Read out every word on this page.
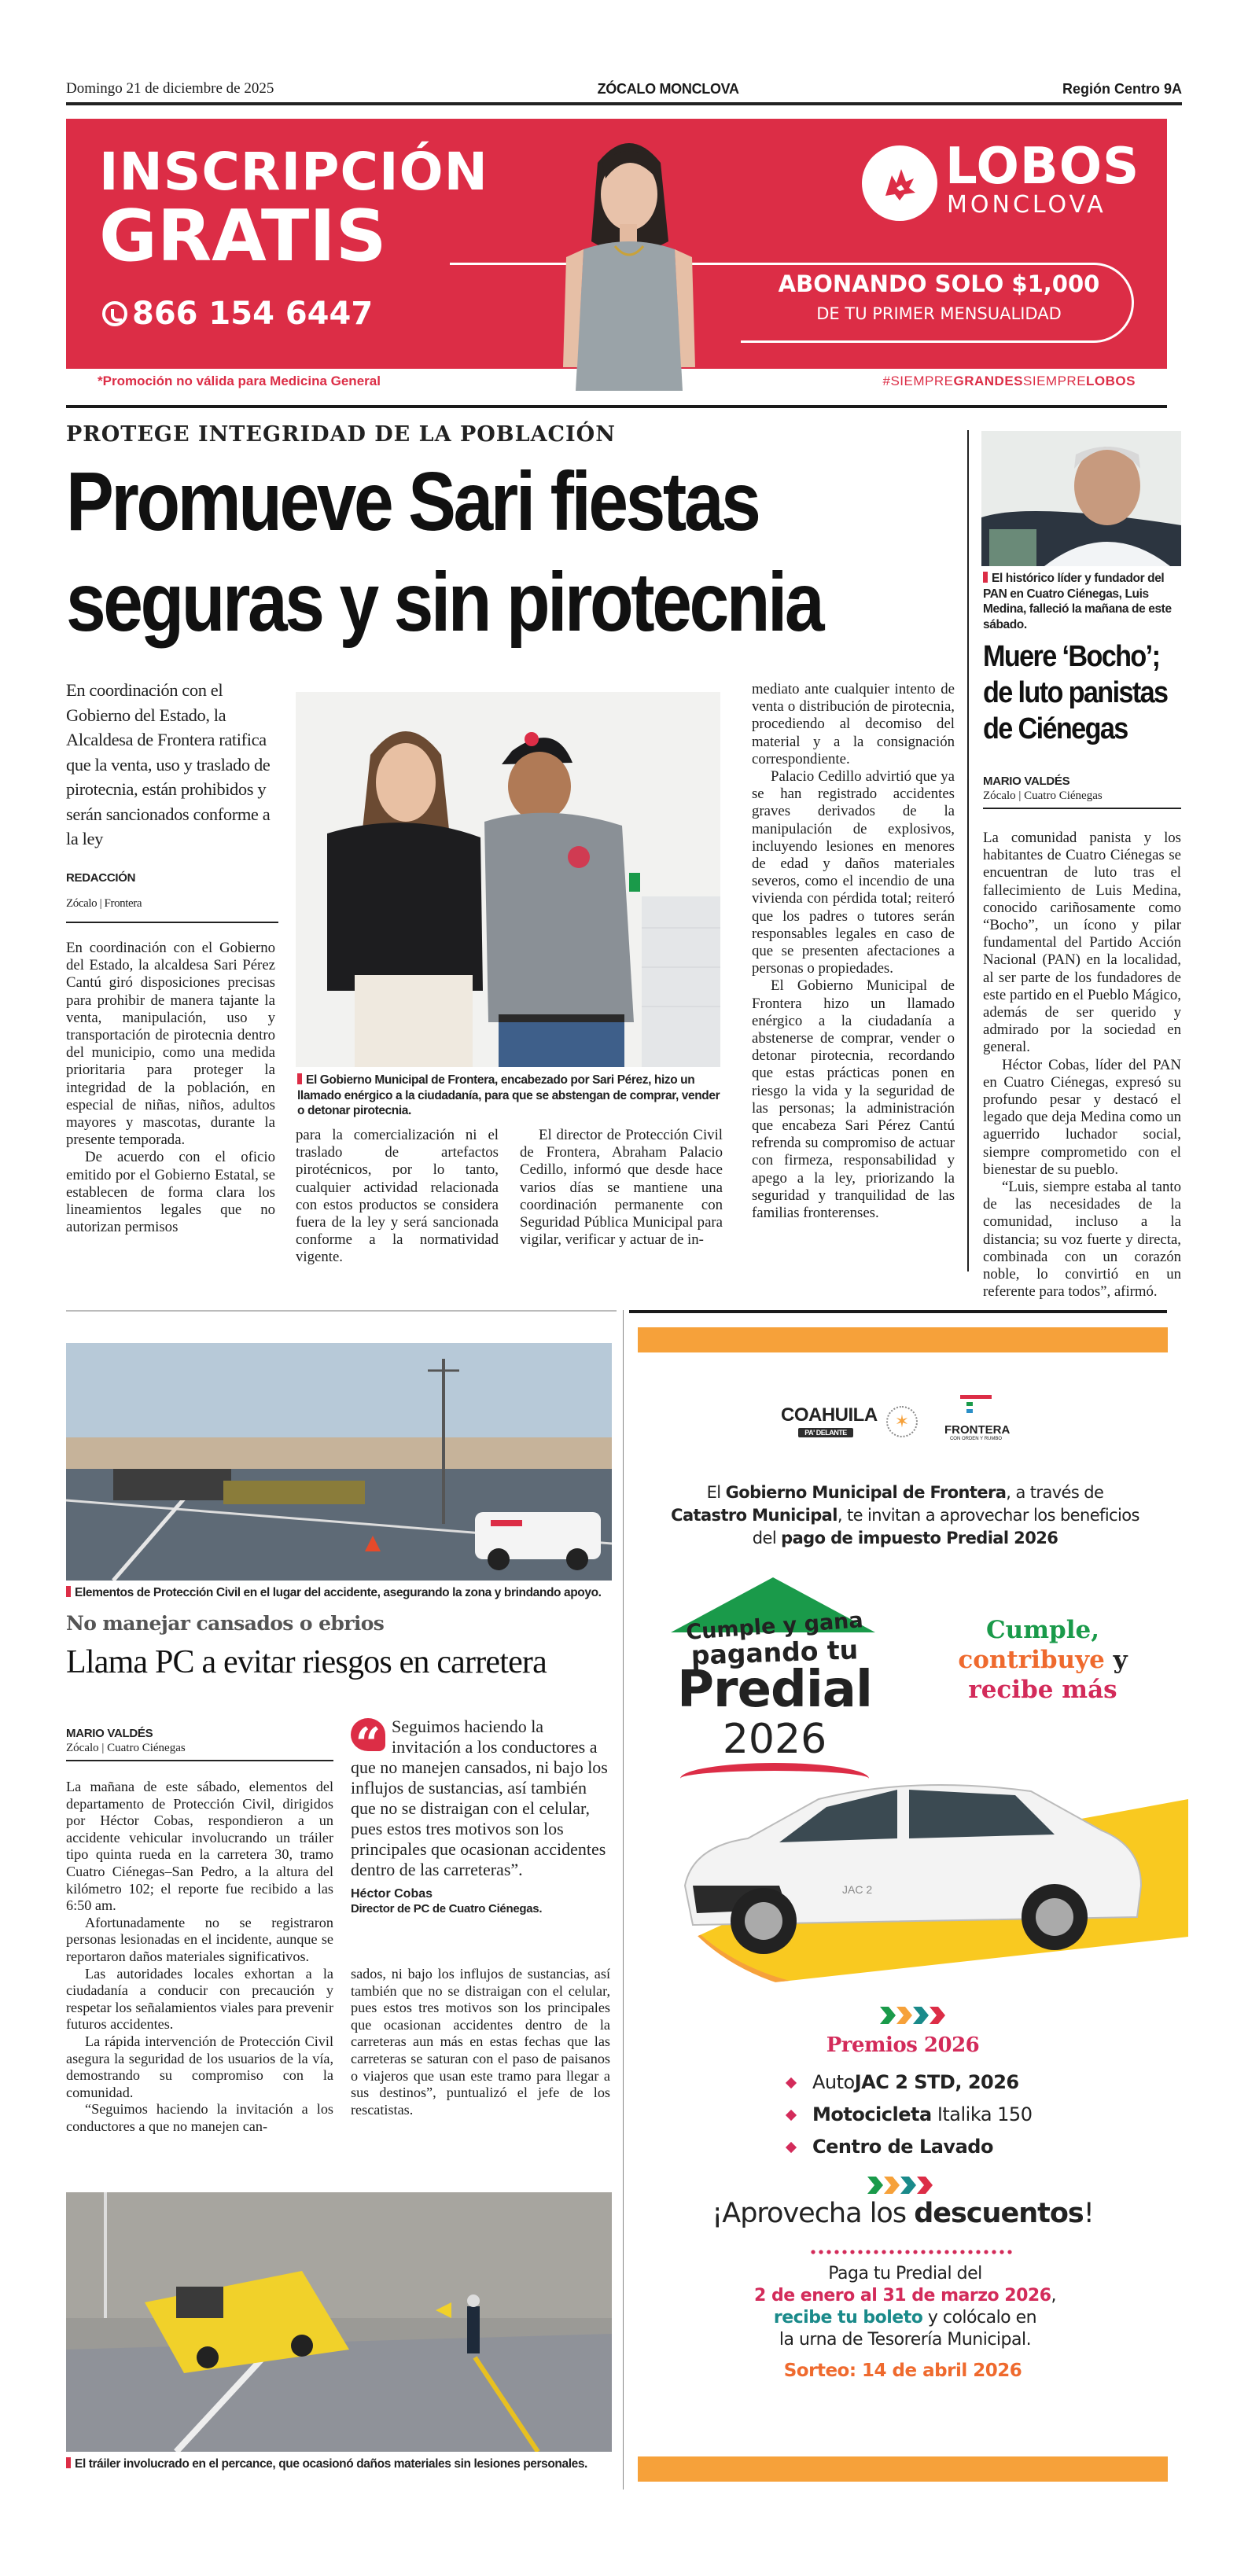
Domingo 21 de diciembre de 2025	ZÓCALO MONCLOVA	Región Centro 9A
INSCRIPCIÓN
GRATIS
866 154 6447
ABONANDO SOLO $1,000
DE TU PRIMER MENSUALIDAD
LOBOS
MONCLOVA
*Promoción no válida para Medicina General	#SIEMPREGRANDESSIEMPRELOBOS
PROTEGE INTEGRIDAD DE LA POBLACIÓN
Promueve Sari fiestas
seguras y sin pirotecnia
En coordinación con el Gobierno del Estado, la Alcaldesa de Frontera ratifica que la venta, uso y traslado de pirotecnia, están prohibidos y serán sancionados conforme a la ley
REDACCIÓN
Zócalo | Frontera

En coordinación con el Gobierno del Estado, la alcaldesa Sari Pérez Cantú giró disposiciones precisas para prohibir de manera tajante la venta, manipulación, uso y transportación de pirotecnia dentro del municipio, como una medida prioritaria para proteger la integridad de la población, en especial de niñas, niños, adultos mayores y mascotas, durante la presente temporada.

De acuerdo con el oficio emitido por el Gobierno Estatal, se establecen de forma clara los lineamientos legales que no autorizan permisos

El Gobierno Municipal de Frontera, encabezado por Sari Pérez, hizo un llamado enérgico a la ciudadanía, para que se abstengan de comprar, vender o detonar pirotecnia.

para la comercialización ni el traslado de artefactos pirotécnicos, por lo tanto, cualquier actividad relacionada con estos productos se considera fuera de la ley y será sancionada conforme a la normatividad vigente.

El director de Protección Civil de Frontera, Abraham Palacio Cedillo, informó que desde hace varios días se mantiene una coordinación permanente con Seguridad Pública Municipal para vigilar, verificar y actuar de in-

mediato ante cualquier intento de venta o distribución de pirotecnia, procediendo al decomiso del material y a la consignación correspondiente.

Palacio Cedillo advirtió que ya se han registrado accidentes graves derivados de la manipulación de explosivos, incluyendo lesiones en menores de edad y daños materiales severos, como el incendio de una vivienda con pérdida total; reiteró que los padres o tutores serán responsables legales en caso de que se presenten afectaciones a personas o propiedades.

El Gobierno Municipal de Frontera hizo un llamado enérgico a la ciudadanía a abstenerse de comprar, vender o detonar pirotecnia, recordando que estas prácticas ponen en riesgo la vida y la seguridad de las personas; la administración que encabeza Sari Pérez Cantú refrenda su compromiso de actuar con firmeza, responsabilidad y apego a la ley, priorizando la seguridad y tranquilidad de las familias fronterenses.

El histórico líder y fundador del PAN en Cuatro Ciénegas, Luis Medina, falleció la mañana de este sábado.
Muere ‘Bocho’;
de luto panistas
de Ciénegas
MARIO VALDÉS
Zócalo | Cuatro Ciénegas

La comunidad panista y los habitantes de Cuatro Ciénegas se encuentran de luto tras el fallecimiento de Luis Medina, conocido cariñosamente como “Bocho”, un ícono y pilar fundamental del Partido Acción Nacional (PAN) en la localidad, al ser parte de los fundadores de este partido en el Pueblo Mágico, además de ser querido y admirado por la sociedad en general.

Héctor Cobas, líder del PAN en Cuatro Ciénegas, expresó su profundo pesar y destacó el legado que deja Medina como un aguerrido luchador social, siempre comprometido con el bienestar de su pueblo.

“Luis, siempre estaba al tanto de las necesidades de la comunidad, incluso a la distancia; su voz fuerte y directa, combinada con un corazón noble, lo convirtió en un referente para todos”, afirmó.

Elementos de Protección Civil en el lugar del accidente, asegurando la zona y brindando apoyo.
No manejar cansados o ebrios
Llama PC a evitar riesgos en carretera
MARIO VALDÉS
Zócalo | Cuatro Ciénegas

La mañana de este sábado, elementos del departamento de Protección Civil, dirigidos por Héctor Cobas, respondieron a un accidente vehicular involucrando un tráiler tipo quinta rueda en la carretera 30, tramo Cuatro Ciénegas–San Pedro, a la altura del kilómetro 102; el reporte fue recibido a las 6:50 am.

Afortunadamente no se registraron personas lesionadas en el incidente, aunque se reportaron daños materiales significativos.

Las autoridades locales exhortan a la ciudadanía a conducir con precaución y respetar los señalamientos viales para prevenir futuros accidentes.

La rápida intervención de Protección Civil asegura la seguridad de los usuarios de la vía, demostrando su compromiso con la comunidad.

“Seguimos haciendo la invitación a los conductores a que no manejen can-

“ Seguimos haciendo la invitación a los conductores a que no manejen cansados, ni bajo los influjos de sustancias, así también que no se distraigan con el celular, pues estos tres motivos son los principales que ocasionan accidentes dentro de las carreteras”.
Héctor Cobas
Director de PC de Cuatro Ciénegas.

sados, ni bajo los influjos de sustancias, así también que no se distraigan con el celular, pues estos tres motivos son los principales que ocasionan accidentes dentro de la carreteras aun más en estas fechas que las carreteras se saturan con el paso de paisanos o viajeros que usan este tramo para llegar a sus destinos”, puntualizó el jefe de los rescatistas.

El tráiler involucrado en el percance, que ocasionó daños materiales sin lesiones personales.
COAHUILA
PA' DELANTE
✶	FRONTERA
CON ORDEN Y RUMBO
El Gobierno Municipal de Frontera, a través de Catastro Municipal, te invitan a aprovechar los beneficios del pago de impuesto Predial 2026
Cumple y gana
pagando tu
Predial
2026
Cumple,
contribuye y
recibe más
JAC 2
Premios 2026
Auto JAC 2 STD, 2026
Motocicleta Italika 150
Centro de Lavado
¡Aprovecha los descuentos!
Paga tu Predial del
2 de enero al 31 de marzo 2026,
recibe tu boleto y colócalo en
la urna de Tesorería Municipal.
Sorteo: 14 de abril 2026
